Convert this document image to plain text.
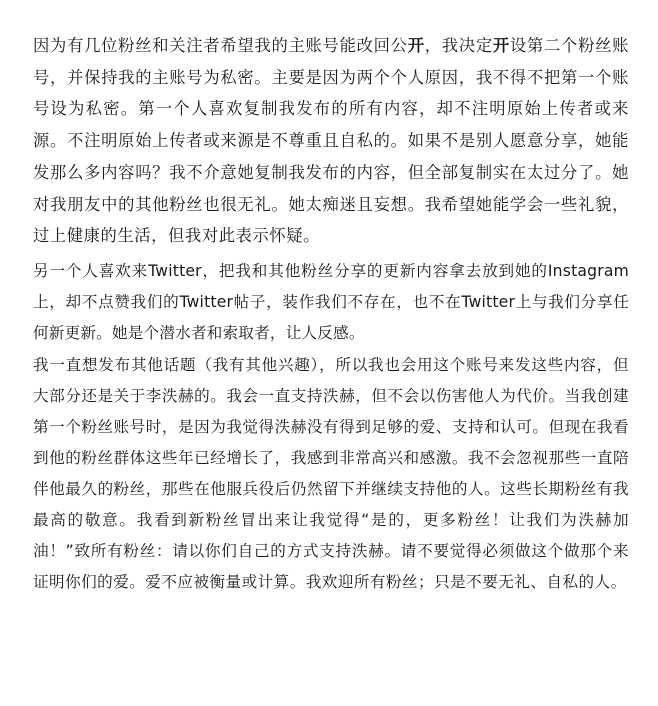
因为有几位粉丝和关注者希望我的主账号能改回公开，我决定开设第二个粉丝账号，并保持我的主账号为私密。主要是因为两个个人原因，我不得不把第一个账号设为私密。第一个人喜欢复制我发布的所有内容，却不注明原始上传者或来源。不注明原始上传者或来源是不尊重且自私的。如果不是别人愿意分享，她能发那么多内容吗？我不介意她复制我发布的内容，但全部复制实在太过分了。她对我朋友中的其他粉丝也很无礼。她太痴迷且妄想。我希望她能学会一些礼貌，过上健康的生活，但我对此表示怀疑。

另一个人喜欢来Twitter，把我和其他粉丝分享的更新内容拿去放到她的Instagram上，却不点赞我们的Twitter帖子，装作我们不存在，也不在Twitter上与我们分享任何新更新。她是个潜水者和索取者，让人反感。

我一直想发布其他话题（我有其他兴趣），所以我也会用这个账号来发这些内容，但大部分还是关于李泆赫的。我会一直支持泆赫，但不会以伤害他人为代价。当我创建第一个粉丝账号时，是因为我觉得泆赫没有得到足够的爱、支持和认可。但现在我看到他的粉丝群体这些年已经增长了，我感到非常高兴和感激。我不会忽视那些一直陪伴他最久的粉丝，那些在他服兵役后仍然留下并继续支持他的人。这些长期粉丝有我最高的敬意。我看到新粉丝冒出来让我觉得“是的，更多粉丝！让我们为泆赫加油！”致所有粉丝：请以你们自己的方式支持泆赫。请不要觉得必须做这个做那个来证明你们的爱。爱不应被衡量或计算。我欢迎所有粉丝；只是不要无礼、自私的人。
